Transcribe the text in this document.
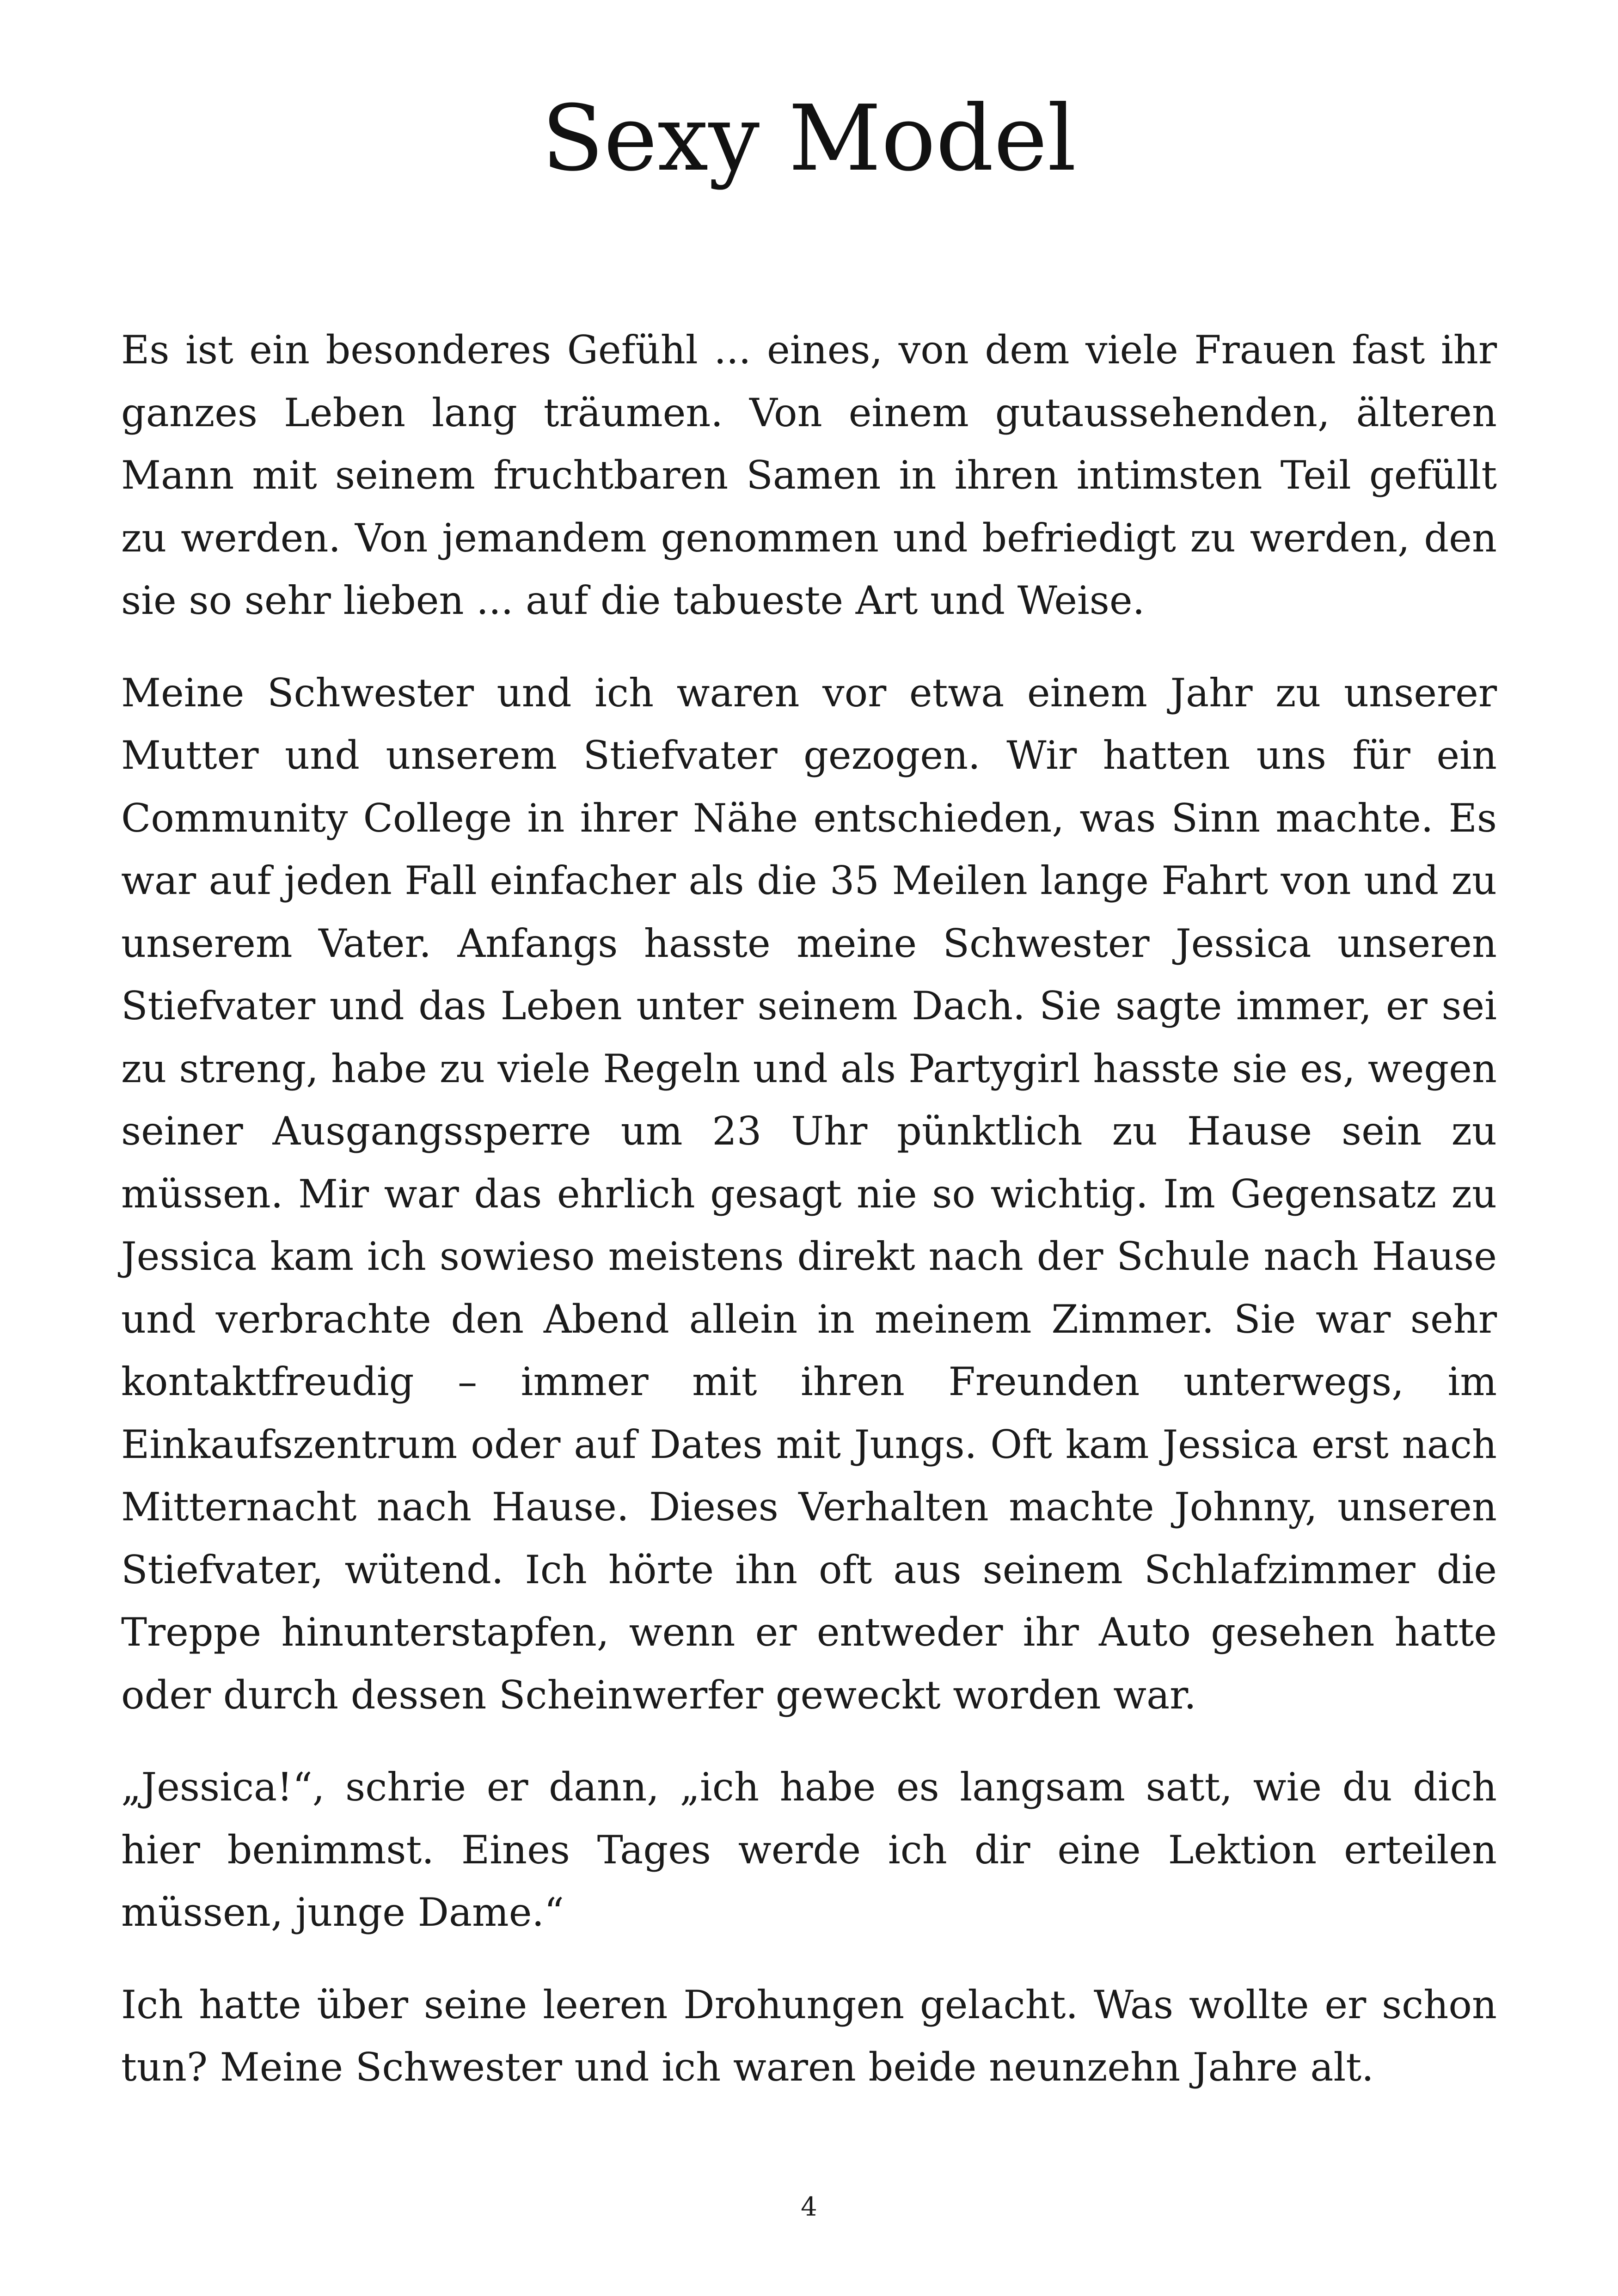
Sexy Model

Es ist ein besonderes Gefühl ... eines, von dem viele Frauen fast ihr ganzes Leben lang träumen. Von einem gutaussehenden, älteren Mann mit seinem fruchtbaren Samen in ihren intimsten Teil gefüllt zu werden. Von jemandem genommen und befriedigt zu werden, den sie so sehr lieben ... auf die tabueste Art und Weise.

Meine Schwester und ich waren vor etwa einem Jahr zu unserer Mutter und unserem Stiefvater gezogen. Wir hatten uns für ein Community College in ihrer Nähe entschieden, was Sinn machte. Es war auf jeden Fall einfacher als die 35 Meilen lange Fahrt von und zu unserem Vater. Anfangs hasste meine Schwester Jessica unseren Stiefvater und das Leben unter seinem Dach. Sie sagte immer, er sei zu streng, habe zu viele Regeln und als Partygirl hasste sie es, wegen seiner Ausgangssperre um 23 Uhr pünktlich zu Hause sein zu müssen. Mir war das ehrlich gesagt nie so wichtig. Im Gegensatz zu Jessica kam ich sowieso meistens direkt nach der Schule nach Hause und verbrachte den Abend allein in meinem Zimmer. Sie war sehr kontaktfreudig – immer mit ihren Freunden unterwegs, im Einkaufszentrum oder auf Dates mit Jungs. Oft kam Jessica erst nach Mitternacht nach Hause. Dieses Verhalten machte Johnny, unseren Stiefvater, wütend. Ich hörte ihn oft aus seinem Schlafzimmer die Treppe hinunterstapfen, wenn er entweder ihr Auto gesehen hatte oder durch dessen Scheinwerfer geweckt worden war.

„Jessica!“, schrie er dann, „ich habe es langsam satt, wie du dich hier benimmst. Eines Tages werde ich dir eine Lektion erteilen müssen, junge Dame.“

Ich hatte über seine leeren Drohungen gelacht. Was wollte er schon tun? Meine Schwester und ich waren beide neunzehn Jahre alt.

4
